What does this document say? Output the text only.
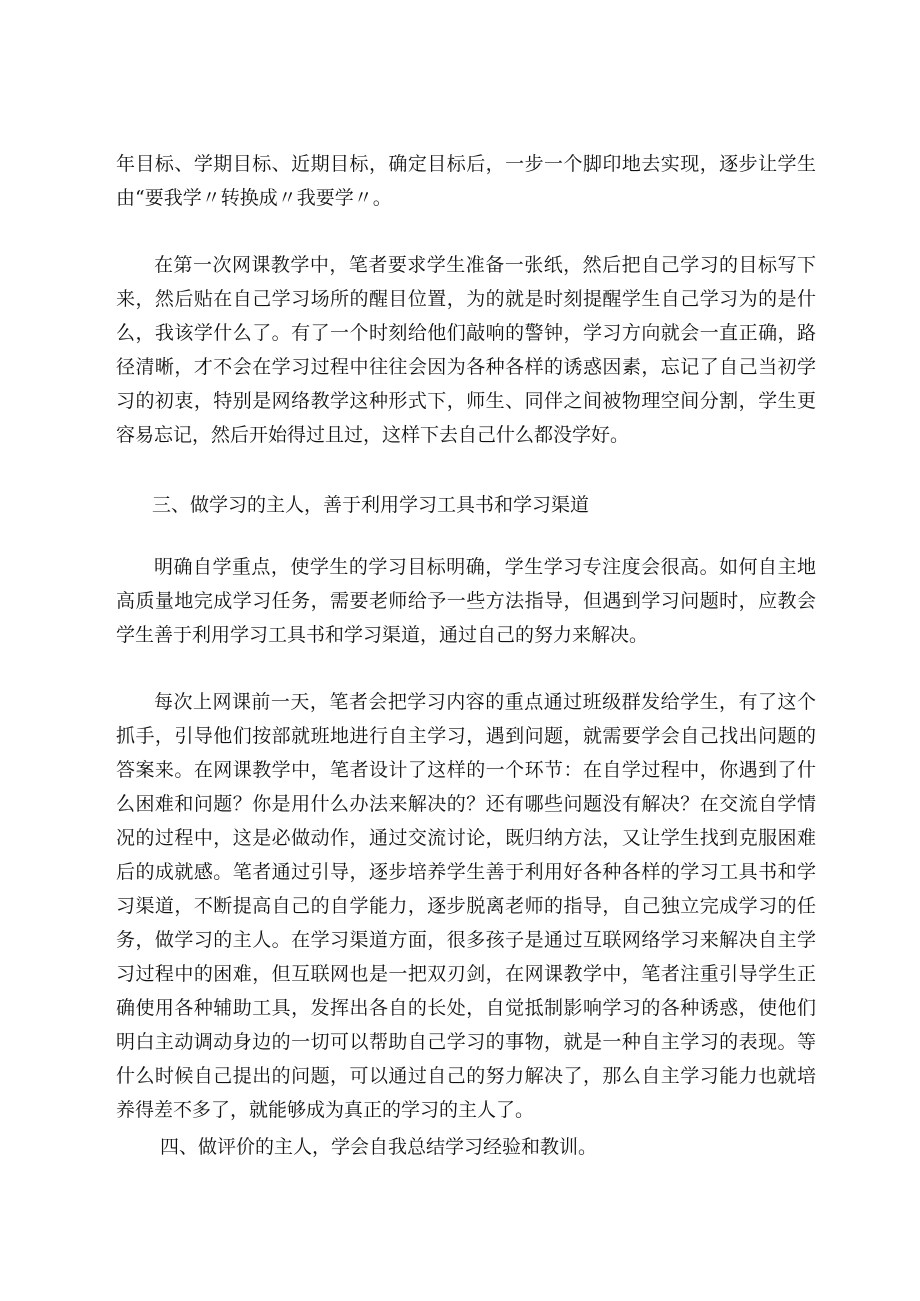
年目标、学期目标、近期目标，确定目标后，一步一个脚印地去实现，逐步让学生由“要我学〃转换成〃我要学〃。

在第一次网课教学中，笔者要求学生准备一张纸，然后把自己学习的目标写下来，然后贴在自己学习场所的醒目位置，为的就是时刻提醒学生自己学习为的是什么，我该学什么了。有了一个时刻给他们敲响的警钟，学习方向就会一直正确，路径清晰，才不会在学习过程中往往会因为各种各样的诱惑因素，忘记了自己当初学习的初衷，特别是网络教学这种形式下，师生、同伴之间被物理空间分割，学生更容易忘记，然后开始得过且过，这样下去自己什么都没学好。

三、做学习的主人，善于利用学习工具书和学习渠道

明确自学重点，使学生的学习目标明确，学生学习专注度会很高。如何自主地高质量地完成学习任务，需要老师给予一些方法指导，但遇到学习问题时，应教会学生善于利用学习工具书和学习渠道，通过自己的努力来解决。

每次上网课前一天，笔者会把学习内容的重点通过班级群发给学生，有了这个抓手，引导他们按部就班地进行自主学习，遇到问题，就需要学会自己找出问题的答案来。在网课教学中，笔者设计了这样的一个环节：在自学过程中，你遇到了什么困难和问题？你是用什么办法来解决的？还有哪些问题没有解决？在交流自学情况的过程中，这是必做动作，通过交流讨论，既归纳方法，又让学生找到克服困难后的成就感。笔者通过引导，逐步培养学生善于利用好各种各样的学习工具书和学习渠道，不断提高自己的自学能力，逐步脱离老师的指导，自己独立完成学习的任务，做学习的主人。在学习渠道方面，很多孩子是通过互联网络学习来解决自主学习过程中的困难，但互联网也是一把双刃剑，在网课教学中，笔者注重引导学生正确使用各种辅助工具，发挥出各自的长处，自觉抵制影响学习的各种诱惑，使他们明白主动调动身边的一切可以帮助自己学习的事物，就是一种自主学习的表现。等什么时候自己提出的问题，可以通过自己的努力解决了，那么自主学习能力也就培养得差不多了，就能够成为真正的学习的主人了。

四、做评价的主人，学会自我总结学习经验和教训。
